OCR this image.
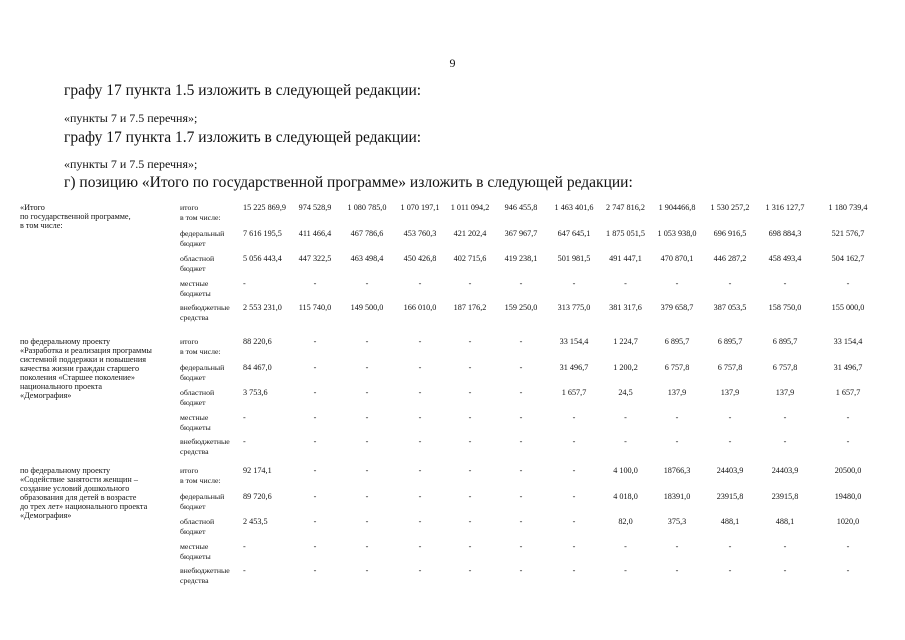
9
графу 17 пункта 1.5 изложить в следующей редакции:
«пункты 7 и 7.5 перечня»;
графу 17 пункта 1.7 изложить в следующей редакции:
«пункты 7 и 7.5 перечня»;
г) позицию «Итого по государственной программе» изложить в следующей редакции:
«Итого
по государственной программе,
в том числе:
итого
в том числе:
15 225 869,9	974 528,9	1 080 785,0	1 070 197,1	1 011 094,2	946 455,8	1 463 401,6	2 747 816,2	1 904466,8	1 530 257,2	1 316 127,7	1 180 739,4
федеральный
бюджет
7 616 195,5	411 466,4	467 786,6	453 760,3	421 202,4	367 967,7	647 645,1	1 875 051,5	1 053 938,0	696 916,5	698 884,3	521 576,7
областной
бюджет
5 056 443,4	447 322,5	463 498,4	450 426,8	402 715,6	419 238,1	501 981,5	491 447,1	470 870,1	446 287,2	458 493,4	504 162,7
местные
бюджеты
-	-	-	-	-	-	-	-	-	-	-	-
внебюджетные
средства
2 553 231,0	115 740,0	149 500,0	166 010,0	187 176,2	159 250,0	313 775,0	381 317,6	379 658,7	387 053,5	158 750,0	155 000,0
по федеральному проекту
«Разработка и реализация программы
системной поддержки и повышения
качества жизни граждан старшего
поколения «Старшее поколение»
национального проекта
«Демография»
итого
в том числе:
88 220,6	-	-	-	-	-	33 154,4	1 224,7	6 895,7	6 895,7	6 895,7	33 154,4
федеральный
бюджет
84 467,0	-	-	-	-	-	31 496,7	1 200,2	6 757,8	6 757,8	6 757,8	31 496,7
областной
бюджет
3 753,6	-	-	-	-	-	1 657,7	24,5	137,9	137,9	137,9	1 657,7
местные
бюджеты
-	-	-	-	-	-	-	-	-	-	-	-
внебюджетные
средства
-	-	-	-	-	-	-	-	-	-	-	-
по федеральному проекту
«Содействие занятости женщин –
создание условий дошкольного
образования для детей в возрасте
до трех лет» национального проекта
«Демография»
итого
в том числе:
92 174,1	-	-	-	-	-	-	4 100,0	18766,3	24403,9	24403,9	20500,0
федеральный
бюджет
89 720,6	-	-	-	-	-	-	4 018,0	18391,0	23915,8	23915,8	19480,0
областной
бюджет
2 453,5	-	-	-	-	-	-	82,0	375,3	488,1	488,1	1020,0
местные
бюджеты
-	-	-	-	-	-	-	-	-	-	-	-
внебюджетные
средства
-	-	-	-	-	-	-	-	-	-	-	-
